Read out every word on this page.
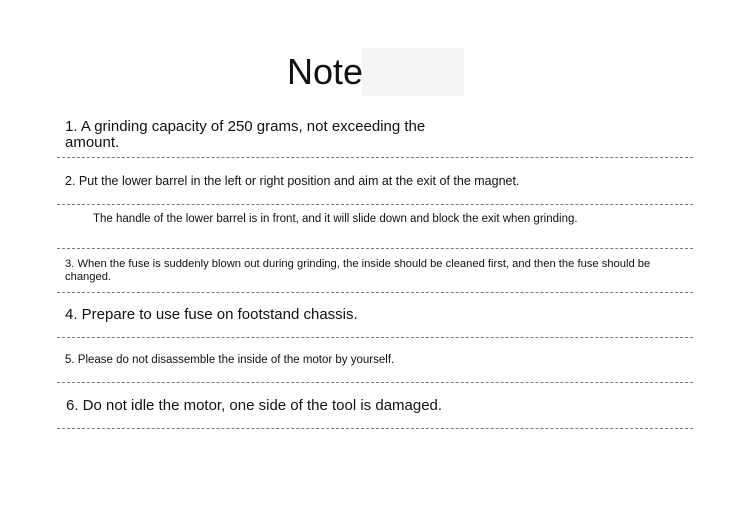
Note

1. A grinding capacity of 250 grams, not exceeding the amount.

2. Put the lower barrel in the left or right position and aim at the exit of the magnet.

The handle of the lower barrel is in front, and it will slide down and block the exit when grinding.

3. When the fuse is suddenly blown out during grinding, the inside should be cleaned first, and then the fuse should be changed.

4. Prepare to use fuse on footstand chassis.

5. Please do not disassemble the inside of the motor by yourself.

6. Do not idle the motor, one side of the tool is damaged.
